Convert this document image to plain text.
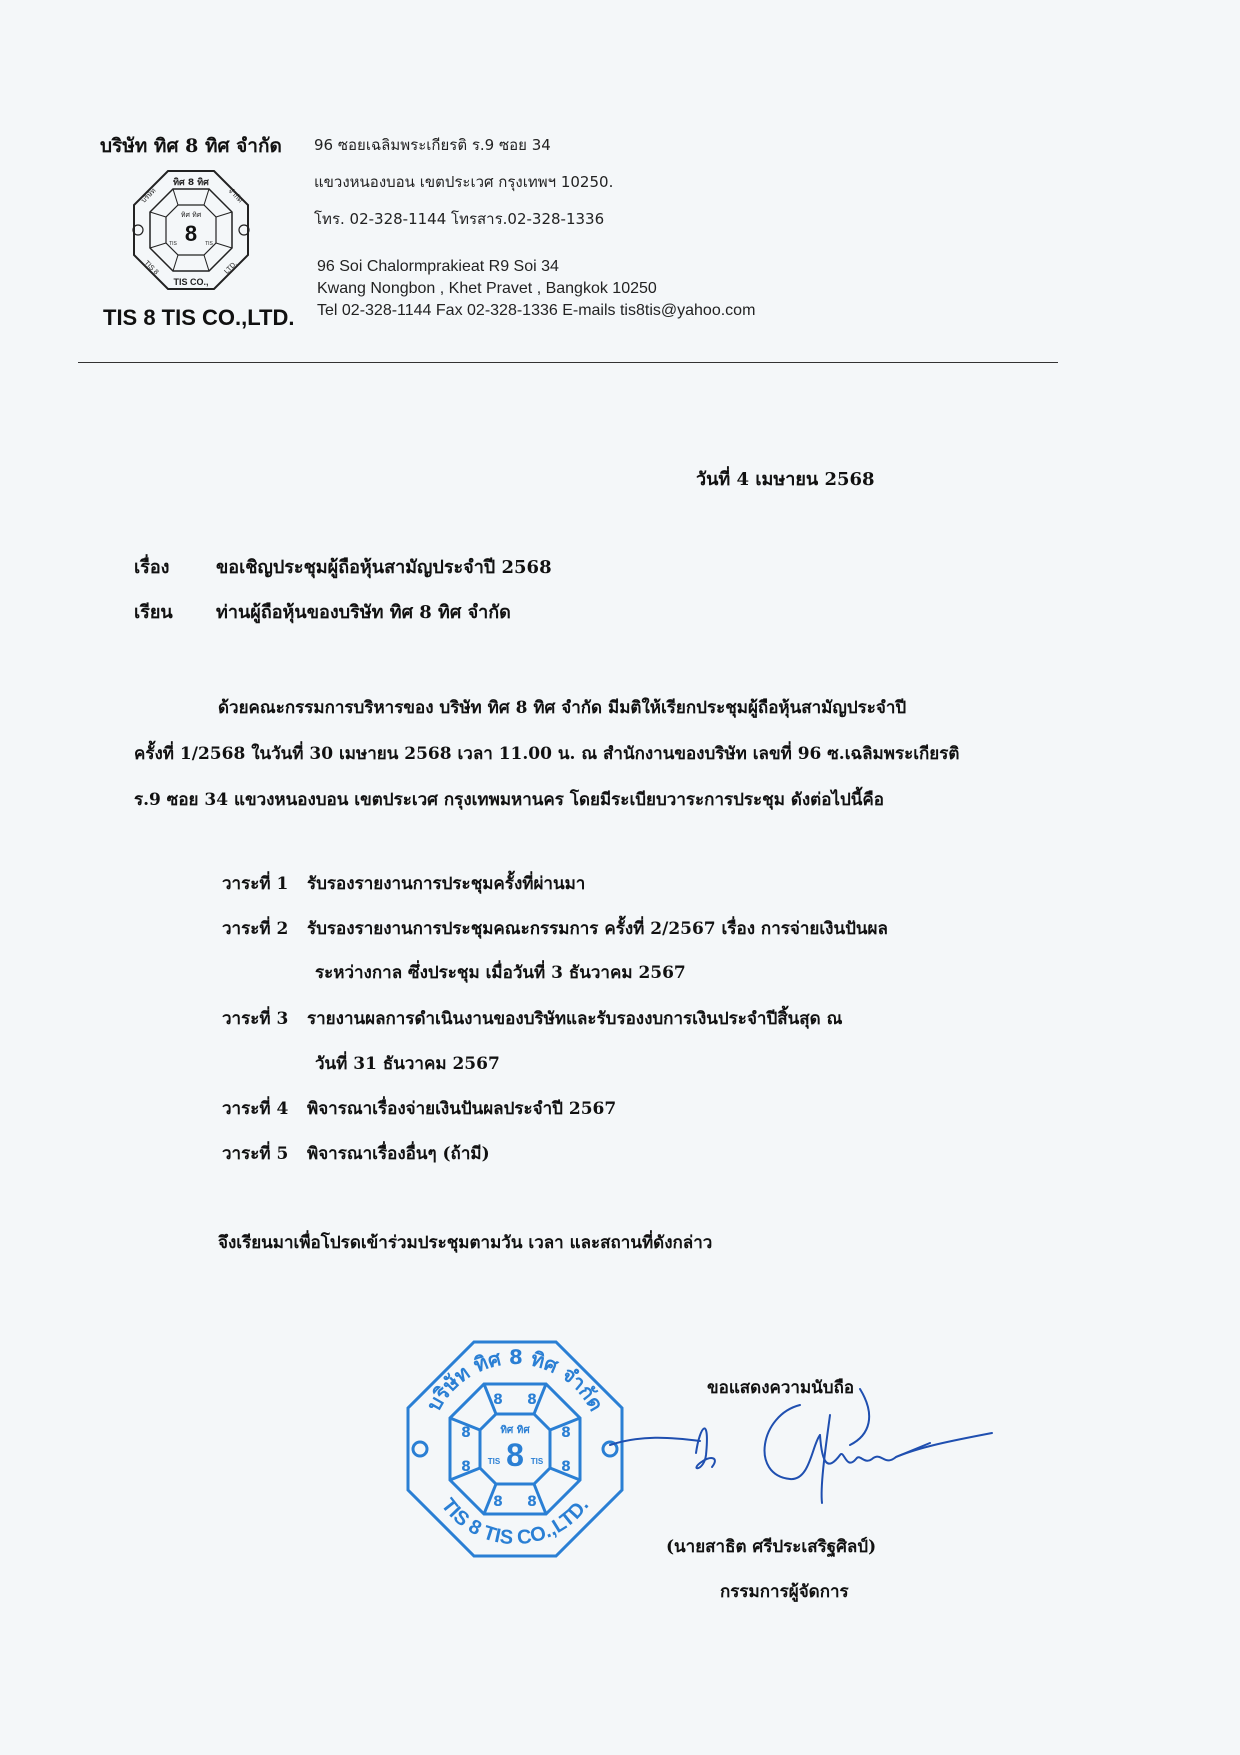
บริษัท ทิศ 8 ทิศ จำกัด
ทิศ 8 ทิศ
บริษัท	จำกัด
TIS CO.,
TIS 8	LTD.
ทิศ ทิศ
8
TIS	TIS
TIS 8 TIS CO.,LTD.
96 ซอยเฉลิมพระเกียรติ ร.9 ซอย 34
แขวงหนองบอน เขตประเวศ กรุงเทพฯ 10250.
โทร. 02-328-1144 โทรสาร.02-328-1336
96 Soi Chalormprakieat R9 Soi 34
Kwang Nongbon , Khet Pravet , Bangkok 10250
Tel 02-328-1144 Fax 02-328-1336 E-mails tis8tis@yahoo.com
วันที่ 4 เมษายน 2568
เรื่อง	ขอเชิญประชุมผู้ถือหุ้นสามัญประจำปี 2568
เรียน ท่านผู้ถือหุ้นของบริษัท ทิศ 8 ทิศ จำกัด
ด้วยคณะกรรมการบริหารของ บริษัท ทิศ 8 ทิศ จำกัด มีมติให้เรียกประชุมผู้ถือหุ้นสามัญประจำปี
ครั้งที่ 1/2568 ในวันที่ 30 เมษายน 2568 เวลา 11.00 น. ณ สำนักงานของบริษัท เลขที่ 96 ซ.เฉลิมพระเกียรติ
ร.9 ซอย 34 แขวงหนองบอน เขตประเวศ กรุงเทพมหานคร โดยมีระเบียบวาระการประชุม ดังต่อไปนี้คือ
วาระที่ 1 รับรองรายงานการประชุมครั้งที่ผ่านมา
วาระที่ 2 รับรองรายงานการประชุมคณะกรรมการ ครั้งที่ 2/2567 เรื่อง การจ่ายเงินปันผล
ระหว่างกาล ซึ่งประชุม เมื่อวันที่ 3 ธันวาคม 2567
วาระที่ 3 รายงานผลการดำเนินงานของบริษัทและรับรองงบการเงินประจำปีสิ้นสุด ณ
วันที่ 31 ธันวาคม 2567
วาระที่ 4 พิจารณาเรื่องจ่ายเงินปันผลประจำปี 2567
วาระที่ 5 พิจารณาเรื่องอื่นๆ (ถ้ามี)
จึงเรียนมาเพื่อโปรดเข้าร่วมประชุมตามวัน เวลา และสถานที่ดังกล่าว
ขอแสดงความนับถือ
บริษัท ทิศ 8 ทิศ จำกัด
TIS 8 TIS CO.,LTD.
8 8
8
8
8
8
8
8	ทิศ ทิศ
8
TIS	TIS
(นายสาธิต ศรีประเสริฐศิลป์)
กรรมการผู้จัดการ
